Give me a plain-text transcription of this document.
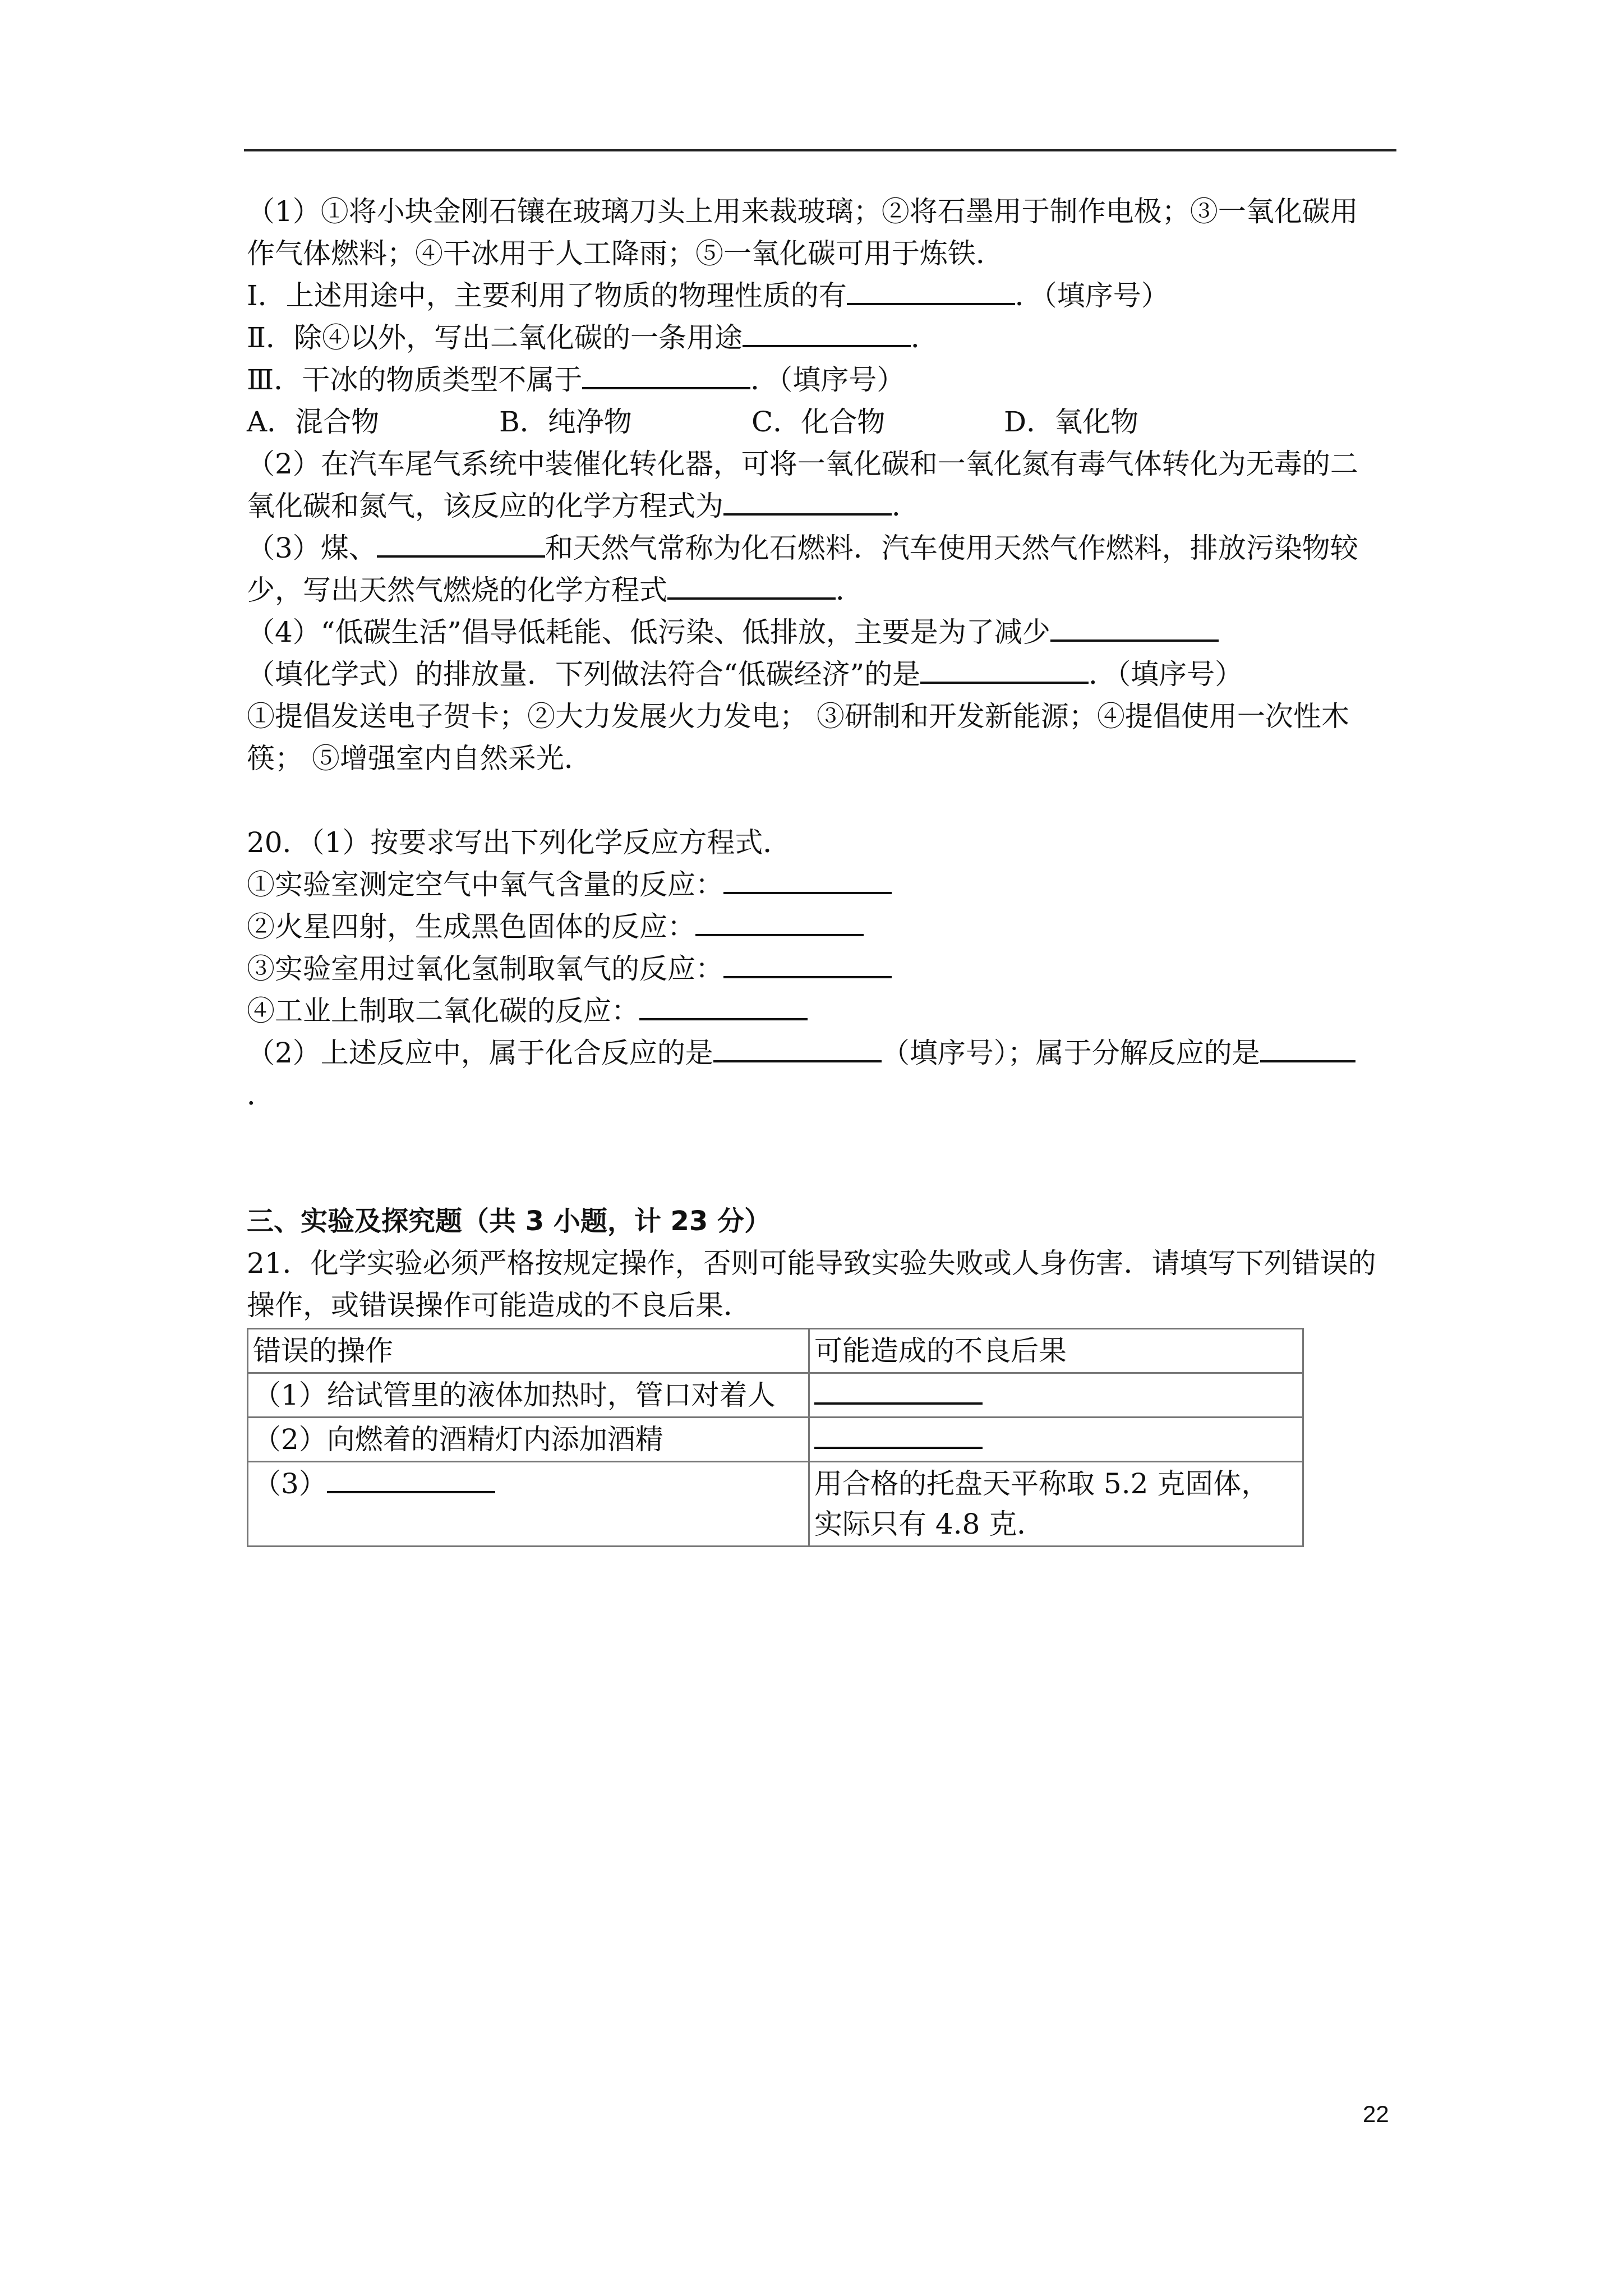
（1）①将小块金刚石镶在玻璃刀头上用来裁玻璃；②将石墨用于制作电极；③一氧化碳用
作气体燃料；④干冰用于人工降雨；⑤一氧化碳可用于炼铁．
Ⅰ．上述用途中，主要利用了物质的物理性质的有	．（填序号）
Ⅱ．除④以外，写出二氧化碳的一条用途	．
Ⅲ．干冰的物质类型不属于	．（填序号）
A．混合物	B．纯净物	C．化合物	D．氧化物
（2）在汽车尾气系统中装催化转化器，可将一氧化碳和一氧化氮有毒气体转化为无毒的二
氧化碳和氮气，该反应的化学方程式为	．
（3）煤、	和天然气常称为化石燃料．汽车使用天然气作燃料，排放污染物较
少，写出天然气燃烧的化学方程式	．
（4）“低碳生活”倡导低耗能、低污染、低排放，主要是为了减少
（填化学式）的排放量．下列做法符合“低碳经济”的是	．（填序号）
①提倡发送电子贺卡；②大力发展火力发电； ③研制和开发新能源；④提倡使用一次性木
筷； ⑤增强室内自然采光．
20．（1）按要求写出下列化学反应方程式．
①实验室测定空气中氧气含量的反应：
②火星四射，生成黑色固体的反应：
③实验室用过氧化氢制取氧气的反应：
④工业上制取二氧化碳的反应：
（2）上述反应中，属于化合反应的是	（填序号）；属于分解反应的是
．
三、实验及探究题（共 3 小题，计 23 分）
21．化学实验必须严格按规定操作，否则可能导致实验失败或人身伤害．请填写下列错误的
操作，或错误操作可能造成的不良后果．
错误的操作	可能造成的不良后果
（1）给试管里的液体加热时，管口对着人	
（2）向燃着的酒精灯内添加酒精	
（3）	用合格的托盘天平称取 5.2 克固体，
实际只有 4.8 克．
22
